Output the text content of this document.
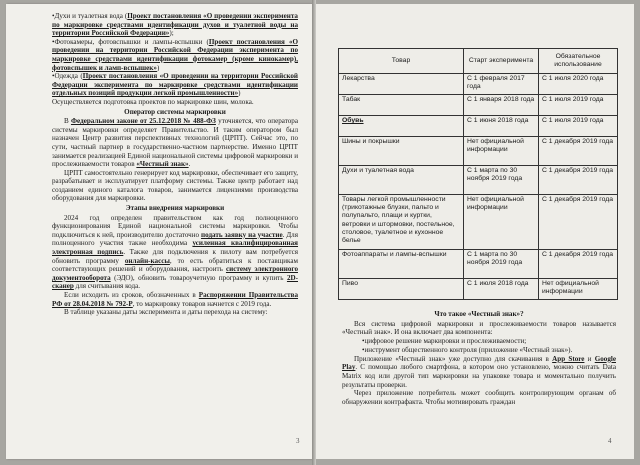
•Духи и туалетная вода (Проект постановления «О проведении эксперимента по маркировке средствами идентификации духов и туалетной воды на территории Российской Федерации»);

•Фотокамеры, фотовспышки и лампы-вспышки (Проект постановления «О проведении на территории Российской Федерации эксперимента по маркировке средствами идентификации фотокамер (кроме кинокамер), фотовспышек и ламп-вспышек»)

•Одежда (Проект постановления «О проведении на территории Российской Федерации эксперимента по маркировке средствами идентификации отдельных позиций продукции легкой промышленности»)

Осуществляется подготовка проектов по маркировке шин, молока.

Оператор системы маркировки

В Федеральном законе от 25.12.2018 № 488-ФЗ уточняется, что оператора системы маркировки определяет Правительство. И таким оператором был назначен Центр развития перспективных технологий (ЦРПТ). Сейчас это, по сути, частный партнер в государственно-частном партнерстве. Именно ЦРПТ занимается реализацией Единой национальной системы цифровой маркировки и прослеживаемости товаров «Честный знак».

ЦРПТ самостоятельно генерирует код маркировки, обеспечивает его защиту, разрабатывает и эксплуатирует платформу системы. Также центр работает над созданием единого каталога товаров, занимается лицензиями производства оборудования для маркировки.

Этапы внедрения маркировки

2024 год определен правительством как год полноценного функционирования Единой национальной системы маркировки. Чтобы подключиться к ней, производителю достаточно подать заявку на участие. Для полноценного участия также необходима усиленная квалифицированная электронная подпись. Также для подключения к пилоту вам потребуется обновить программу онлайн-кассы, то есть обратиться к поставщикам соответствующих решений и оборудования, настроить систему электронного документооборота (ЭДО), обновить товароучетную программу и купить 2D-сканер для считывания кода.

Если исходить из сроков, обозначенных в Распоряжении Правительства РФ от 28.04.2018 № 792-Р, то маркировку товаров начнется с 2019 года.

В таблице указаны даты эксперимента и даты перехода на систему:

3
Товар	Старт эксперимента	Обязательное использование
Лекарства	С 1 февраля 2017 года	С 1 июля 2020 года
Табак	С 1 января 2018 года	С 1 июля 2019 года
Обувь	С 1 июня 2018 года	С 1 июля 2019 года
Шины и покрышки	Нет официальной информации	С 1 декабря 2019 года
Духи и туалетная вода	С 1 марта по 30 ноября 2019 года	С 1 декабря 2019 года
Товары легкой промышленности (трикотажные блузки, пальто и полупальто, плащи и куртки, ветровки и штормовки, постельное, столовое, туалетное и кухонное белье	Нет официальной информации	С 1 декабря 2019 года
Фотоаппараты и лампы-вспышки	С 1 марта по 30 ноября 2019 года	С 1 декабря 2019 года
Пиво	С 1 июля 2018 года	Нет официальной информации

Что такое «Честный знак»?

Вся система цифровой маркировки и прослеживаемости товаров называется «Честный знак». И она включает два компонента:

•цифровое решение маркировки и прослеживаемости;

•инструмент общественного контроля (приложение «Честный знак»).

Приложение «Честный знак» уже доступно для скачивания в App Store и Google Play. С помощью любого смартфона, в котором оно установлено, можно считать Data Matrix код или другой тип маркировки на упаковке товара и моментально получить результаты проверки.

Через приложение потребитель может сообщить контролирующим органам об обнаружении контрафакта. Чтобы мотивировать граждан

4
